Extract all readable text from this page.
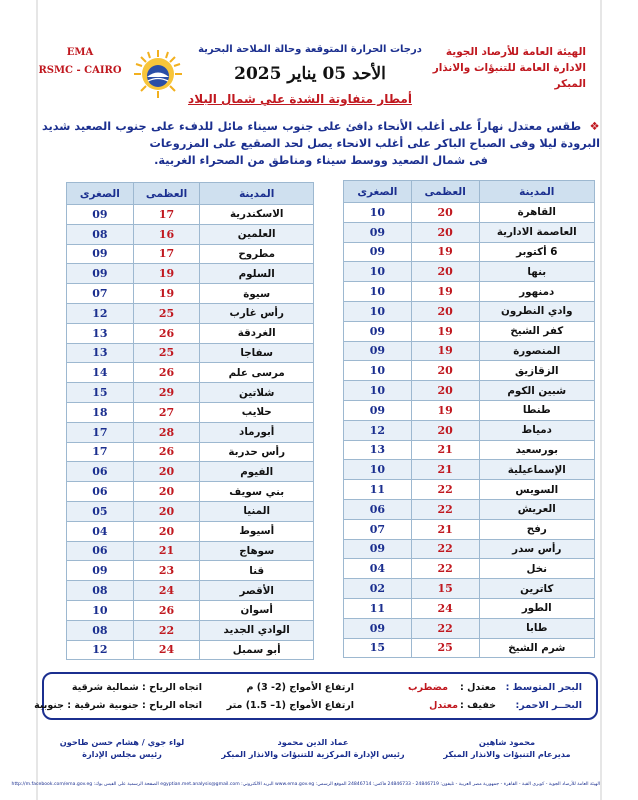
الهيئة العامة للأرصاد الجوية
الادارة العامة للتنبؤات والانذار المبكر
EMA
RSMC - CAIRO
درجات الحرارة المتوقعة وحالة الملاحة البحرية
الأحد 05 يناير 2025
أمطار متفاوتة الشدة علي شمال البلاد
❖ طقس معتدل نهاراً على أغلب الأنحاء دافئ على جنوب سيناء مائل للدفء على جنوب الصعيد شديد البرودة ليلا وفى الصباح الباكر على أغلب الانحاء يصل لحد الصقيع على المزروعات
فى شمال الصعيد ووسط سيناء ومناطق من الصحراء الغربية.
المدينة	العظمى	الصغرى
القاهرة	20	10
العاصمة الادارية	20	09
6 أكتوبر	19	09
بنها	20	10
دمنهور	19	10
وادي النطرون	20	10
كفر الشيخ	19	09
المنصورة	19	09
الزقازيق	20	10
شبين الكوم	20	10
طنطا	19	09
دمياط	20	12
بورسعيد	21	13
الإسماعيلية	21	10
السويس	22	11
العريش	22	06
رفح	21	07
رأس سدر	22	09
نخل	22	04
كاترين	15	02
الطور	24	11
طابا	22	09
شرم الشيخ	25	15
المدينة	العظمى	الصغرى
الاسكندرية	17	09
العلمين	16	08
مطروح	17	09
السلوم	19	09
سيوة	19	07
رأس غارب	25	12
الغردقة	26	13
سفاجا	25	13
مرسى علم	26	14
شلاتين	29	15
حلايب	27	18
أبورماد	28	17
رأس حدربة	26	17
الفيوم	20	06
بني سويف	20	06
المنيا	20	05
أسيوط	20	04
سوهاج	21	06
قنا	23	09
الأقصر	24	08
أسوان	26	10
الوادي الجديد	22	08
أبو سمبل	24	12
البحر المتوسط :
معتدل :
مضطرب
ارتفاع الأمواج (2- 3) م
اتجاه الرياح : شمالية شرقية
البحــر الاحمر:
خفيف :
معتدل
ارتفاع الأمواج (1– 1.5) متر
اتجاه الرياح : جنوبية شرقية : جنوبية
محمود شاهين
مديرعام التنبؤات والانذار المبكر
عماد الدين محمود
رئيس الإدارة المركزية للتنبؤات والانذار المبكر
لواء جوي / هشام حسن طاحون
رئيس مجلس الإدارة
الهيئة العامة للأرصاد الجوية - كوبري القبة - القاهرة - جمهورية مصر العربية - تليفون: 24846719 - 24846733 فاكس: 24846714 الموقع الرسمي: www.ema.gov.eg البريد الالكتروني: egyptian.met.analysis@gmail.com الصفحة الرسمية على الفيس بوك: http://m.facebook.com/ema.gov.eg
